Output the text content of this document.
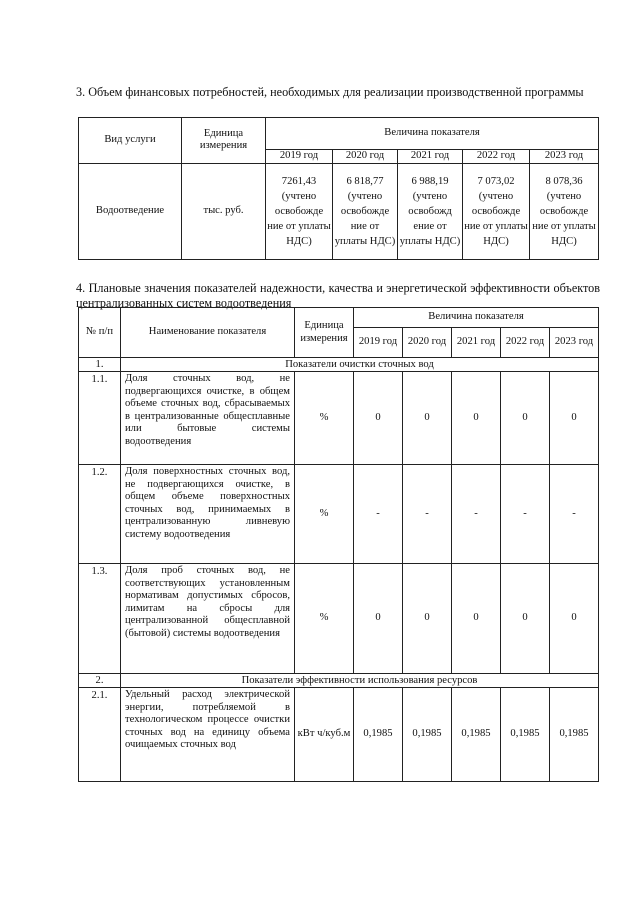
3. Объем финансовых потребностей, необходимых для реализации производственной программы

Вид услуги	Единица измерения	Величина показателя				
		2019 год	2020 год	2021 год	2022 год	2023 год
Водоотведение	тыс. руб.	7261,43 (учтено освобожде ние от уплаты НДС)	6 818,77 (учтено освобожде ние от уплаты НДС)	6 988,19 (учтено освобожд ение от уплаты НДС)	7 073,02 (учтено освобожде ние от уплаты НДС)	8 078,36 (учтено освобожде ние от уплаты НДС)

4. Плановые значения показателей надежности, качества и энергетической эффективности объектов централизованных систем водоотведения

№ п/п	Наименование показателя	Единица измерения	Величина показателя				
			2019 год	2020 год	2021 год	2022 год	2023 год
1.	Показатели очистки сточных вод						
1.1.	Доля сточных вод, не подвергающихся очистке, в общем объеме сточных вод, сбрасываемых в централизованные общесплавные или бытовые системы водоотведения	%	0	0	0	0	0
1.2.	Доля поверхностных сточных вод, не подвергающихся очистке, в общем объеме поверхностных сточных вод, принимаемых в централизованную ливневую систему водоотведения	%	-	-	-	-	-
1.3.	Доля проб сточных вод, не соответствующих установленным нормативам допустимых сбросов, лимитам на сбросы для централизованной общесплавной (бытовой) системы водоотведения	%	0	0	0	0	0
2.	Показатели эффективности использования ресурсов						
2.1.	Удельный расход электрической энергии, потребляемой в технологическом процессе очистки сточных вод на единицу объема очищаемых сточных вод	кВт ч/куб.м	0,1985	0,1985	0,1985	0,1985	0,1985
